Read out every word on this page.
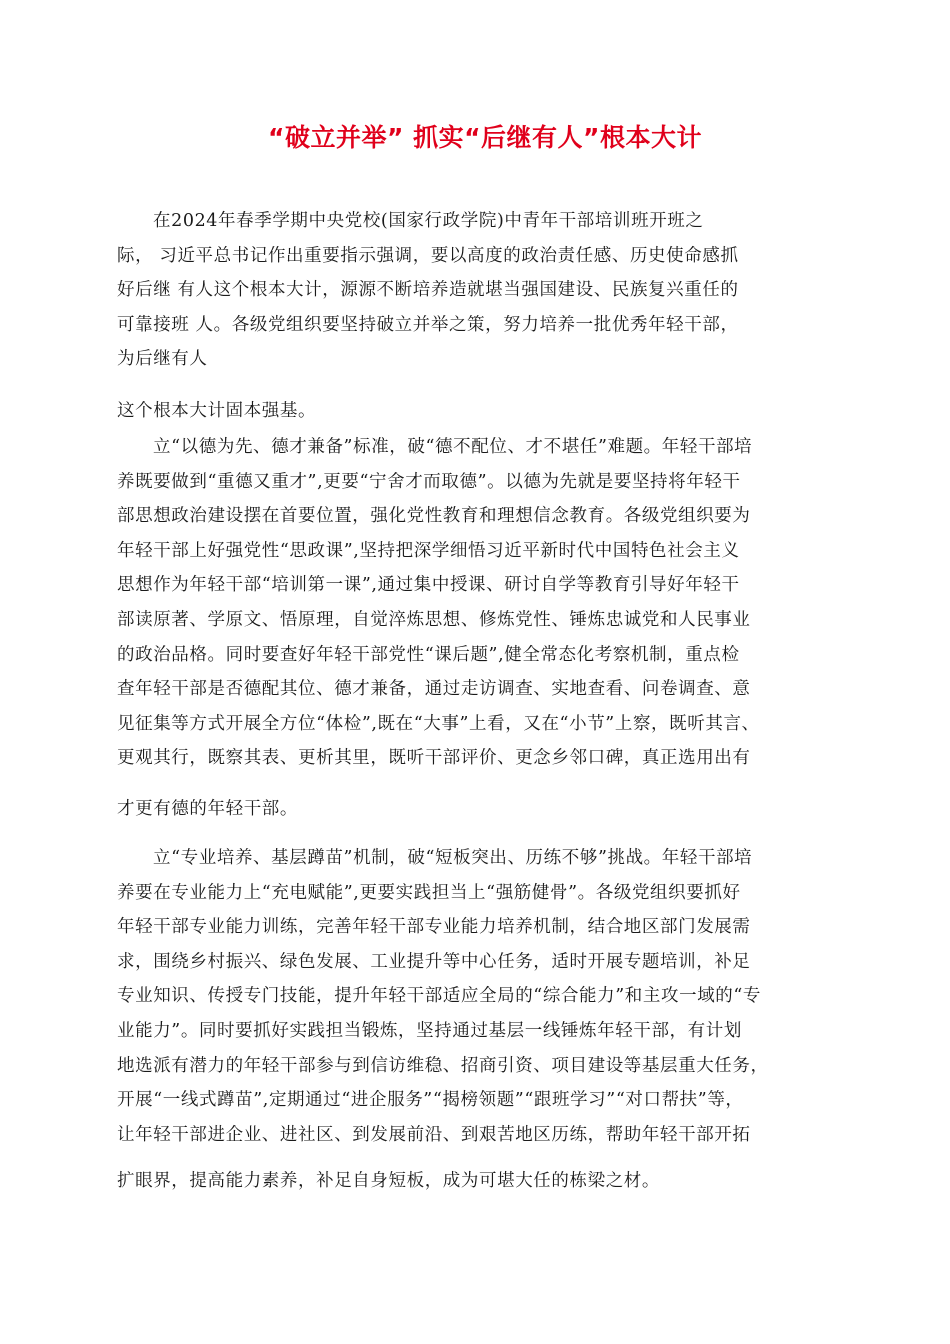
“破立并举” 抓实“后继有人”根本大计
在2024年春季学期中央党校(国家行政学院)中青年干部培训班开班之
际， 习近平总书记作出重要指示强调，要以高度的政治责任感、历史使命感抓
好后继 有人这个根本大计，源源不断培养造就堪当强国建设、民族复兴重任的
可靠接班 人。各级党组织要坚持破立并举之策，努力培养一批优秀年轻干部，
为后继有人
这个根本大计固本强基。
立“以德为先、德才兼备”标准，破“德不配位、才不堪任”难题。年轻干部培
养既要做到“重德又重才”,更要“宁舍才而取德”。以德为先就是要坚持将年轻干
部思想政治建设摆在首要位置，强化党性教育和理想信念教育。各级党组织要为
年轻干部上好强党性“思政课”,坚持把深学细悟习近平新时代中国特色社会主义
思想作为年轻干部“培训第一课”,通过集中授课、研讨自学等教育引导好年轻干
部读原著、学原文、悟原理，自觉淬炼思想、修炼党性、锤炼忠诚党和人民事业
的政治品格。同时要查好年轻干部党性“课后题”,健全常态化考察机制，重点检
查年轻干部是否德配其位、德才兼备，通过走访调查、实地查看、问卷调查、意
见征集等方式开展全方位“体检”,既在“大事”上看，又在“小节”上察，既听其言、
更观其行，既察其表、更析其里，既听干部评价、更念乡邻口碑，真正选用出有
才更有德的年轻干部。
立“专业培养、基层蹲苗”机制，破“短板突出、历练不够”挑战。年轻干部培
养要在专业能力上“充电赋能”,更要实践担当上“强筋健骨”。各级党组织要抓好
年轻干部专业能力训练，完善年轻干部专业能力培养机制，结合地区部门发展需
求，围绕乡村振兴、绿色发展、工业提升等中心任务，适时开展专题培训，补足
专业知识、传授专门技能，提升年轻干部适应全局的“综合能力”和主攻一域的“专
业能力”。同时要抓好实践担当锻炼，坚持通过基层一线锤炼年轻干部，有计划
地选派有潜力的年轻干部参与到信访维稳、招商引资、项目建设等基层重大任务，
开展“一线式蹲苗”,定期通过“进企服务”“揭榜领题”“跟班学习”“对口帮扶”等，
让年轻干部进企业、进社区、到发展前沿、到艰苦地区历练，帮助年轻干部开拓
扩眼界，提高能力素养，补足自身短板，成为可堪大任的栋梁之材。
